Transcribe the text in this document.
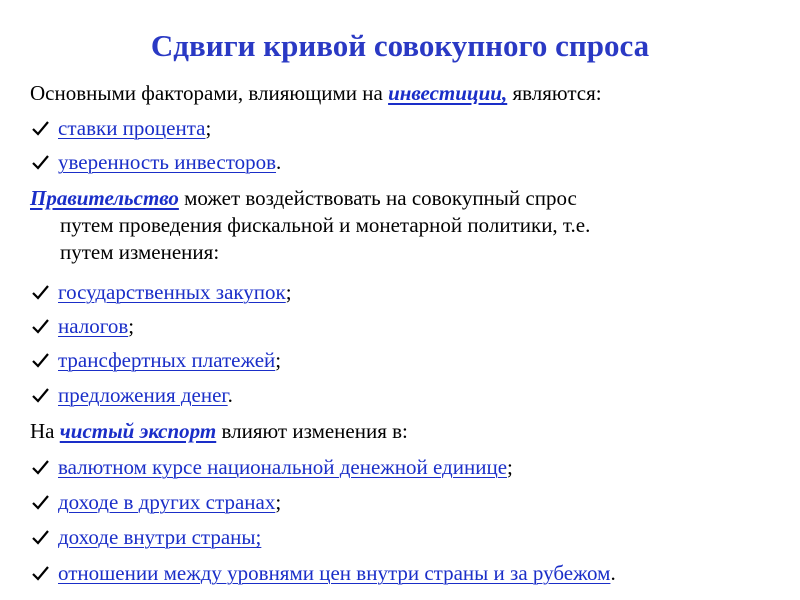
Сдвиги кривой совокупного спроса
Основными факторами, влияющими на инвестиции, являются:
ставки процента;
уверенность инвесторов.
Правительство может воздействовать на совокупный спрос
путем проведения фискальной и монетарной политики, т.е.
путем изменения:
государственных закупок;
налогов;
трансфертных платежей;
предложения денег.
На чистый экспорт влияют изменения в:
валютном курсе национальной денежной единице;
доходе в других странах;
доходе внутри страны;
отношении между уровнями цен внутри страны и за рубежом.
